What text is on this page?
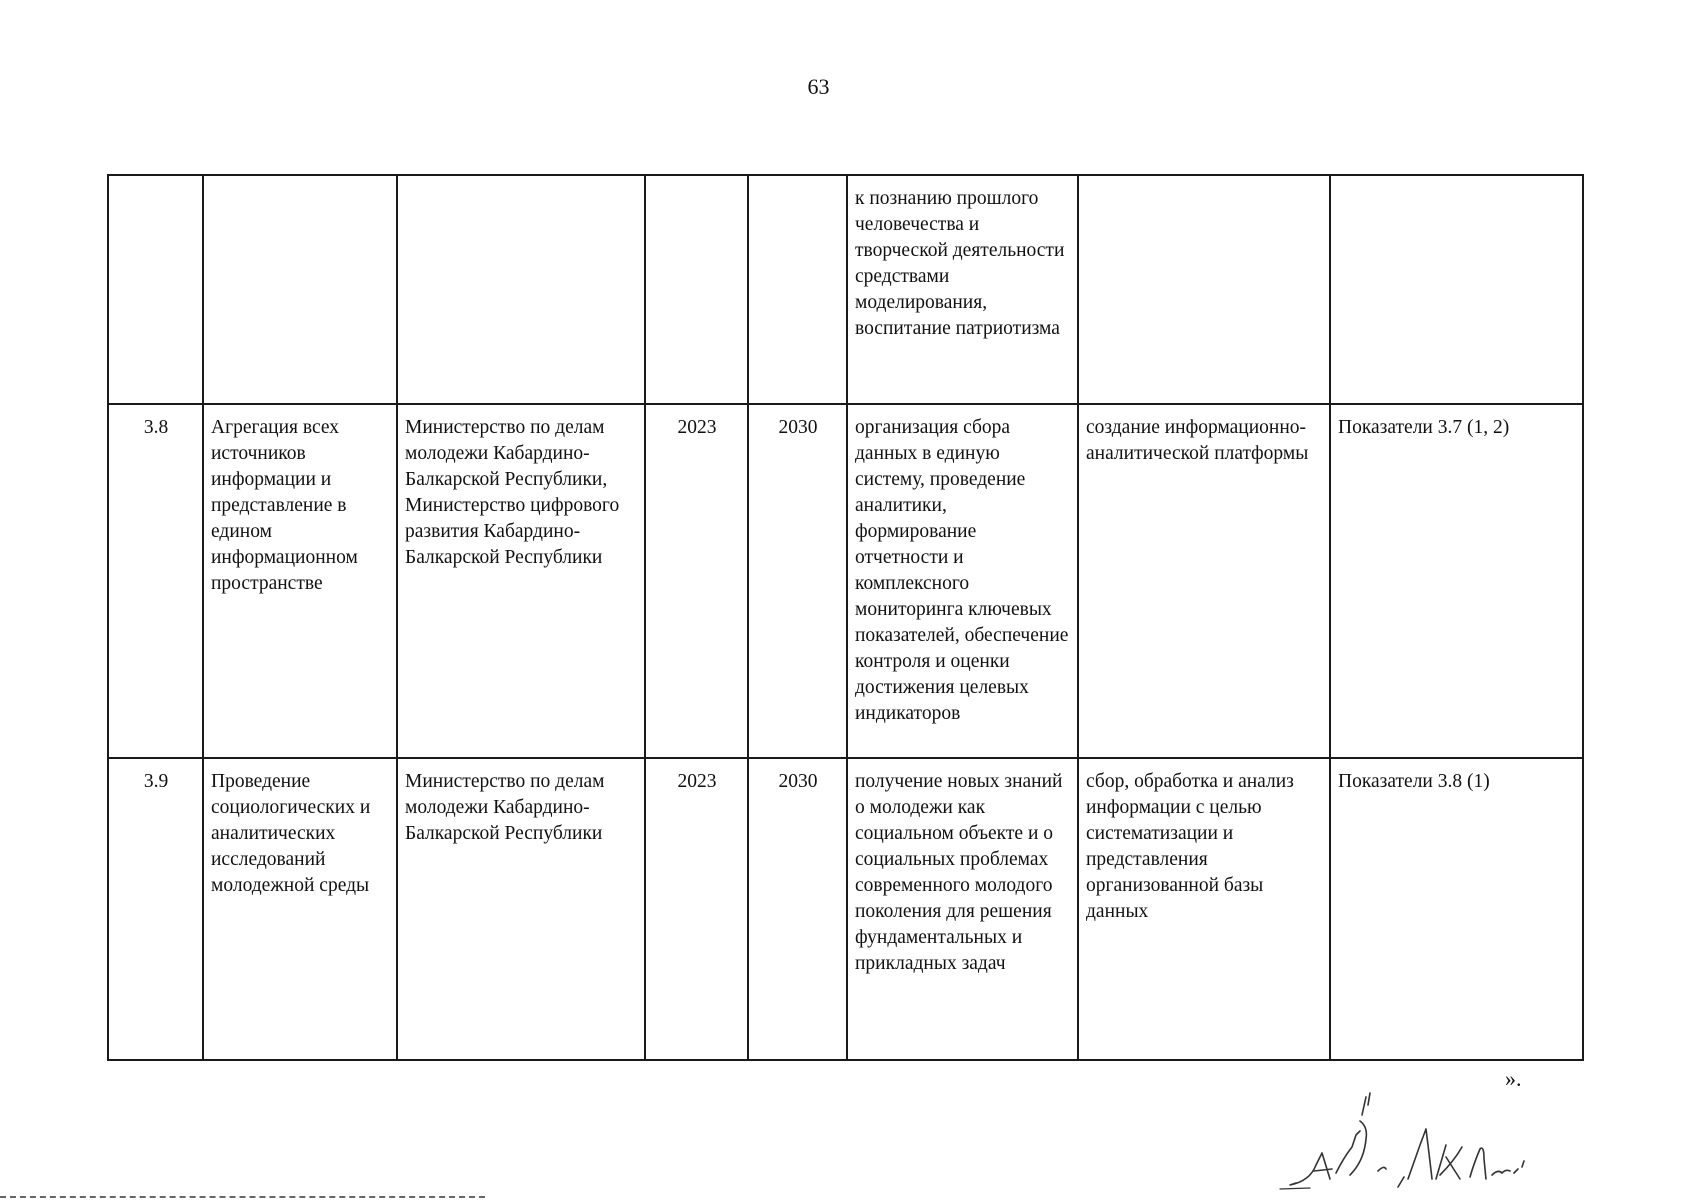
63
					к познанию прошлого человечества и творческой деятельности средствами моделирования, воспитание патриотизма		
3.8	Агрегация всех источников информации и представление в едином информационном пространстве	Министерство по делам молодежи Кабардино-Балкарской Республики, Министерство цифрового развития Кабардино-Балкарской Республики	2023	2030	организация сбора данных в единую систему, проведение аналитики, формирование отчетности и комплексного мониторинга ключевых показателей, обеспечение контроля и оценки достижения целевых индикаторов	создание информационно-аналитической платформы	Показатели 3.7 (1, 2)
3.9	Проведение социологических и аналитических исследований молодежной среды	Министерство по делам молодежи Кабардино-Балкарской Республики	2023	2030	получение новых знаний о молодежи как социальном объекте и о социальных проблемах современного молодого поколения для решения фундаментальных и прикладных задач	сбор, обработка и анализ информации с целью систематизации и представления организованной базы данных	Показатели 3.8 (1)
».
